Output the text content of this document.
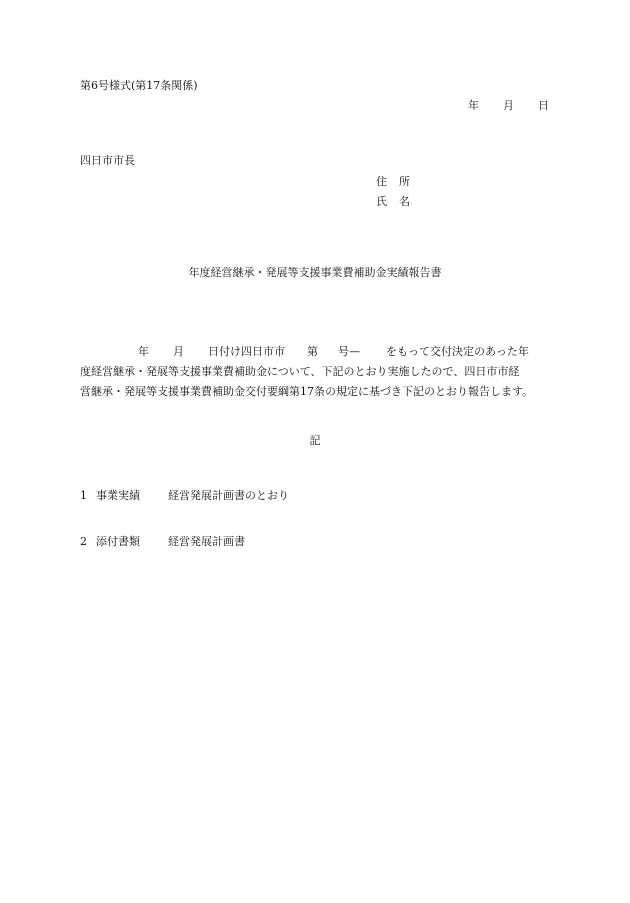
第6号様式(第17条関係)
年 月 日
四日市市長
住 所
氏 名
年度経営継承・発展等支援事業費補助金実績報告書
年 月 日付け四日市市 第 号— をもって交付決定のあった年
度経営継承・発展等支援事業費補助金について、下記のとおり実施したので、四日市市経
営継承・発展等支援事業費補助金交付要綱第17条の規定に基づき下記のとおり報告します。
記
1 事業実績	経営発展計画書のとおり
2 添付書類	経営発展計画書
